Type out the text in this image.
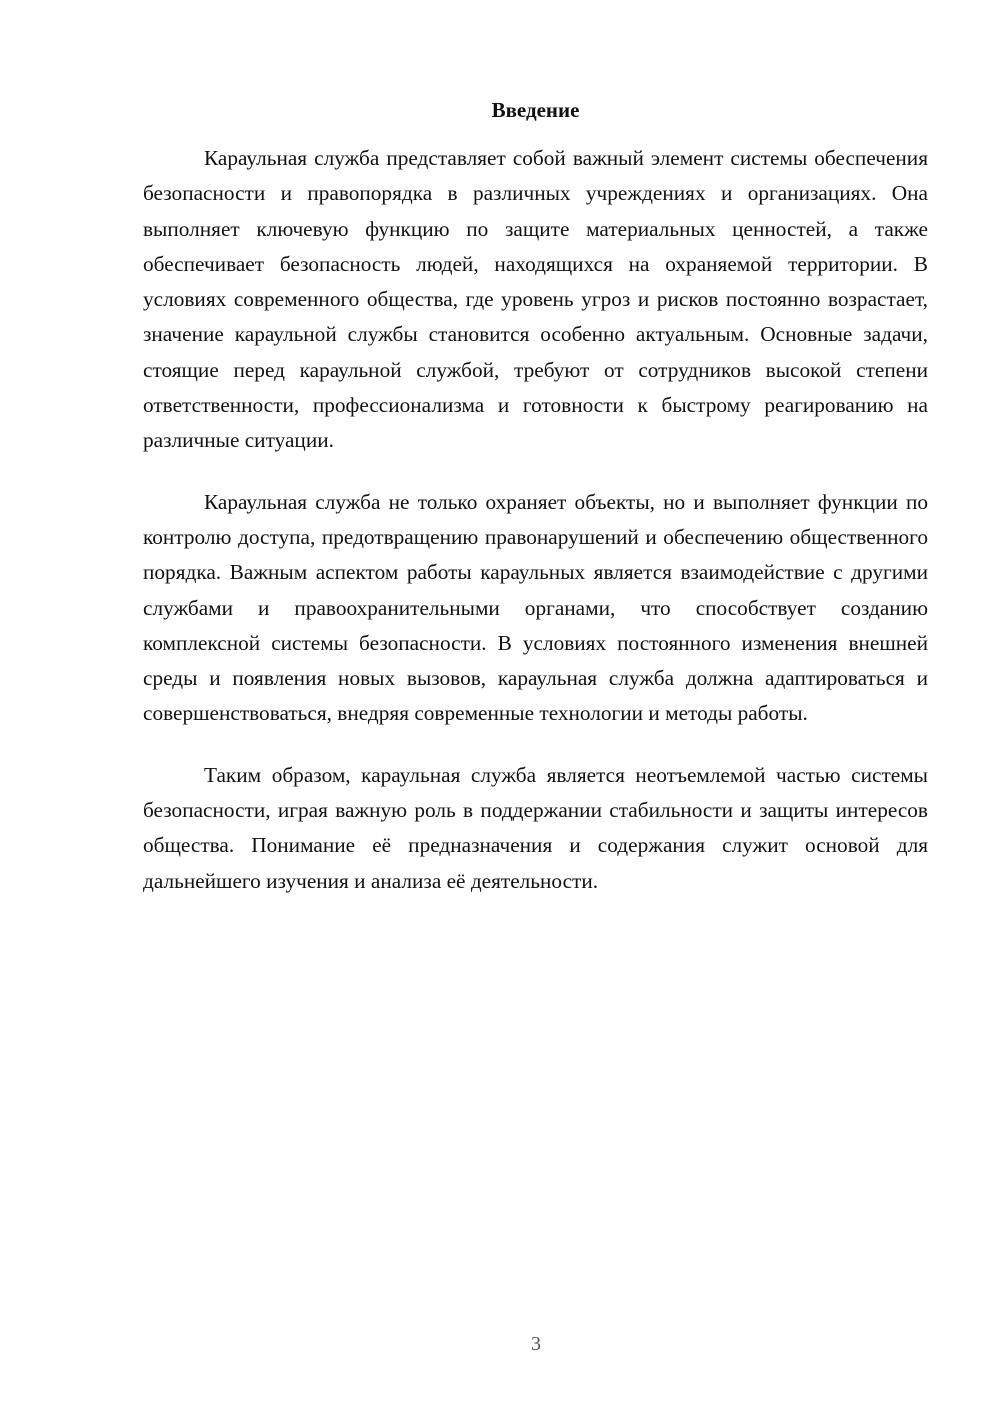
Введение

Караульная служба представляет собой важный элемент системы обеспечения безопасности и правопорядка в различных учреждениях и организациях. Она выполняет ключевую функцию по защите материальных ценностей, а также обеспечивает безопасность людей, находящихся на охраняемой территории. В условиях современного общества, где уровень угроз и рисков постоянно возрастает, значение караульной службы становится особенно актуальным. Основные задачи, стоящие перед караульной службой, требуют от сотрудников высокой степени ответственности, профессионализма и готовности к быстрому реагированию на различные ситуации.

Караульная служба не только охраняет объекты, но и выполняет функции по контролю доступа, предотвращению правонарушений и обеспечению общественного порядка. Важным аспектом работы караульных является взаимодействие с другими службами и правоохранительными органами, что способствует созданию комплексной системы безопасности. В условиях постоянного изменения внешней среды и появления новых вызовов, караульная служба должна адаптироваться и совершенствоваться, внедряя современные технологии и методы работы.

Таким образом, караульная служба является неотъемлемой частью системы безопасности, играя важную роль в поддержании стабильности и защиты интересов общества. Понимание её предназначения и содержания служит основой для дальнейшего изучения и анализа её деятельности.

3
